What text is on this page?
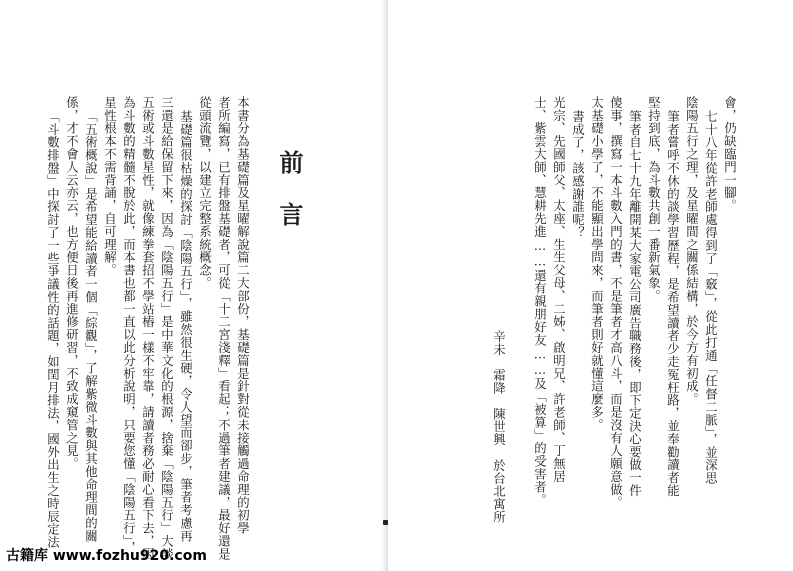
前言
本書分為基礎篇及星曜解說篇二大部份，基礎篇是針對從未接觸過命理的初學
者所編寫，已有排盤基礎者，可從「十二宮淺釋」看起；不過筆者建議，最好還是
從頭流覽，以建立完整系統概念。
基礎篇很枯燥的探討「陰陽五行」，雖然很生硬，令人望而卻步，筆者考慮再
三還是給保留下來，因為「陰陽五行」是中華文化的根源，捨棄「陰陽五行」大談
五術或斗數星性，就像練拳套招不學站樁一樣不牢靠，請讀者務必耐心看下去，因
為斗數的精髓不脫於此，而本書也都一直以此分析說明，只要您懂「陰陽五行」，
星性根本不需背誦，自可理解。
「五術概說」是希望能給讀者一個「綜觀」，了解紫微斗數與其他命理間的關
係，才不會人云亦云，也方便日後再進修研習，不致成窺管之見。
「斗數排盤」中探討了一些爭議性的話題，如閏月排法，國外出生之時辰定法	會，仍缺臨門一腳。
七十八年從許老師處得到了「竅」，從此打通「任督二脈」，並深思
陰陽五行之理，及星曜間之關係結構，於今方有初成。
筆者嘗呼不休的談學習歷程，是希望讀者少走冤枉路，並奉勸讀者能
堅持到底，為斗數共創一番新氣象。
筆者自七十九年離開某大家電公司廣告職務後，即下定決心要做一件
傻事，撰寫一本斗數入門的書，不是筆者才高八斗，而是沒有人願意做。
太基礎小學了，不能顯出學問來，而筆者則好就懂這麼多。
書成了，該感謝誰呢？
光宗、先國師父、太座、生生父母、二姊、啟明兄、許老師、丁無居
士、紫雲大師、慧耕先進……還有親朋好友……及「被算」的受害者。
辛未　霜降　陳世興　於台北寓所
古籍库 www.fozhu920.com
